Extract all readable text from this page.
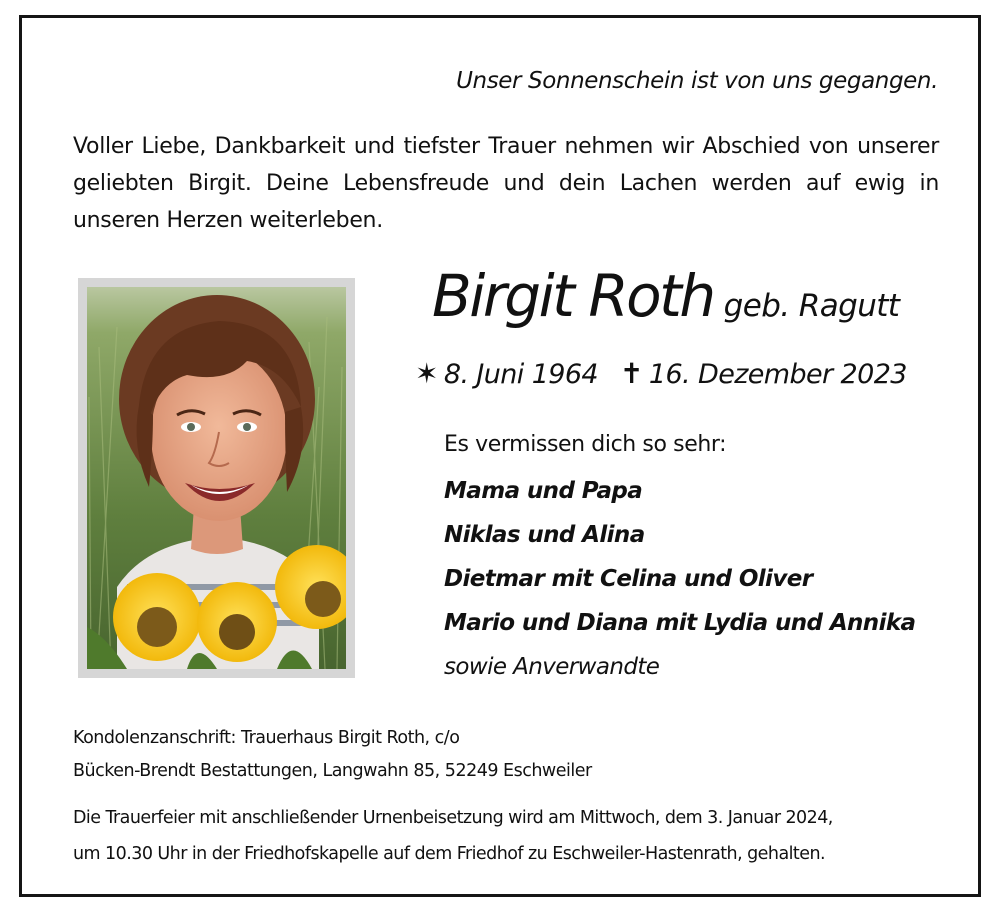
Unser Sonnenschein ist von uns gegangen.

Voller Liebe, Dankbarkeit und tiefster Trauer nehmen wir Abschied von unserer geliebten Birgit. Deine Lebensfreude und dein Lachen werden auf ewig in unseren Herzen weiterleben.

Birgit Roth geb. Ragutt
✶ 8. Juni 1964 ✝ 16. Dezember 2023
Es vermissen dich so sehr:
Mama und Papa
Niklas und Alina
Dietmar mit Celina und Oliver
Mario und Diana mit Lydia und Annika
sowie Anverwandte
Kondolenzanschrift: Trauerhaus Birgit Roth, c/o
Bücken-Brendt Bestattungen, Langwahn 85, 52249 Eschweiler
Die Trauerfeier mit anschließender Urnenbeisetzung wird am Mittwoch, dem 3. Januar 2024,
um 10.30 Uhr in der Friedhofskapelle auf dem Friedhof zu Eschweiler-Hastenrath, gehalten.
